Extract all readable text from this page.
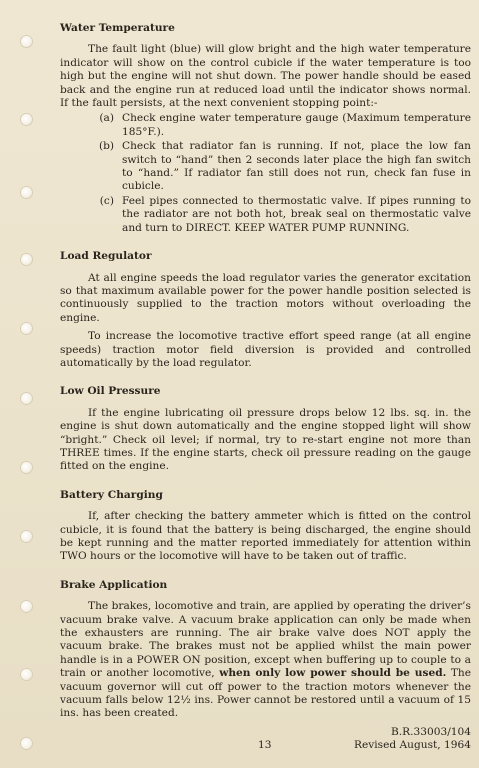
Water Temperature

The fault light (blue) will glow bright and the high water temperature indicator will show on the control cubicle if the water temperature is too high but the engine will not shut down. The power handle should be eased back and the engine run at reduced load until the indicator shows normal. If the fault persists, at the next convenient stopping point:-

(a) Check engine water temperature gauge (Maximum temperature 185°F.).
(b) Check that radiator fan is running. If not, place the low fan switch to “hand” then 2 seconds later place the high fan switch to “hand.” If radiator fan still does not run, check fan fuse in cubicle.
(c) Feel pipes connected to thermostatic valve. If pipes running to the radiator are not both hot, break seal on thermostatic valve and turn to DIRECT. KEEP WATER PUMP RUNNING.
Load Regulator

At all engine speeds the load regulator varies the generator excitation so that maximum available power for the power handle position selected is continuously supplied to the traction motors without overloading the engine.

To increase the locomotive tractive effort speed range (at all engine speeds) traction motor field diversion is provided and controlled automatically by the load regulator.

Low Oil Pressure

If the engine lubricating oil pressure drops below 12 lbs. sq. in. the engine is shut down automatically and the engine stopped light will show “bright.” Check oil level; if normal, try to re-start engine not more than THREE times. If the engine starts, check oil pressure reading on the gauge fitted on the engine.

Battery Charging

If, after checking the battery ammeter which is fitted on the control cubicle, it is found that the battery is being discharged, the engine should be kept running and the matter reported immediately for attention within TWO hours or the locomotive will have to be taken out of traffic.

Brake Application

The brakes, locomotive and train, are applied by operating the driver’s vacuum brake valve. A vacuum brake application can only be made when the exhausters are running. The air brake valve does NOT apply the vacuum brake. The brakes must not be applied whilst the main power handle is in a POWER ON position, except when buffering up to couple to a train or another locomotive, when only low power should be used. The vacuum governor will cut off power to the traction motors whenever the vacuum falls below 12½ ins. Power cannot be restored until a vacuum of 15 ins. has been created.

B.R.33003/104
13	Revised August, 1964
